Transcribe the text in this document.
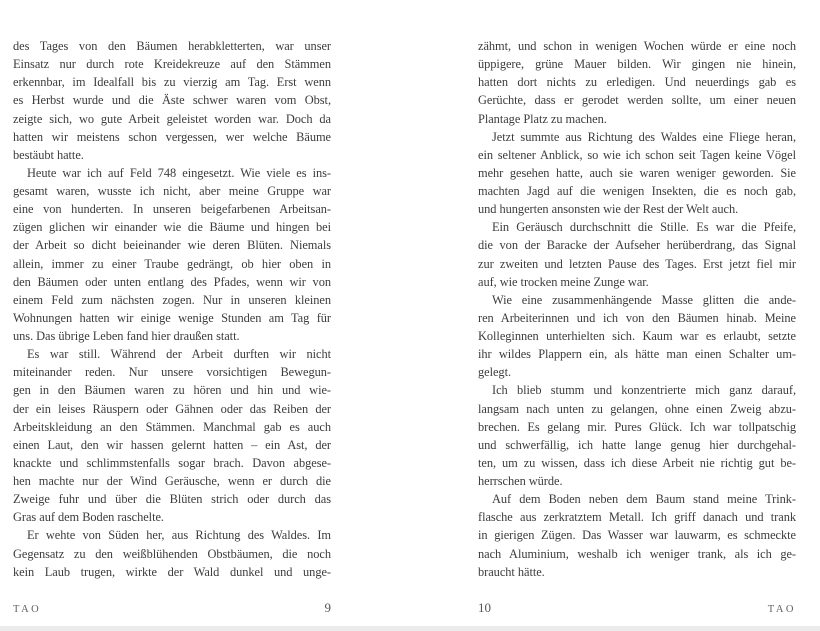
des Tages von den Bäumen herabkletterten, war unser
Einsatz nur durch rote Kreidekreuze auf den Stämmen
erkennbar, im Idealfall bis zu vierzig am Tag. Erst wenn
es Herbst wurde und die Äste schwer waren vom Obst,
zeigte sich, wo gute Arbeit geleistet worden war. Doch da
hatten wir meistens schon vergessen, wer welche Bäume
bestäubt hatte.
Heute war ich auf Feld 748 eingesetzt. Wie viele es ins-
gesamt waren, wusste ich nicht, aber meine Gruppe war
eine von hunderten. In unseren beigefarbenen Arbeitsan-
zügen glichen wir einander wie die Bäume und hingen bei
der Arbeit so dicht beieinander wie deren Blüten. Niemals
allein, immer zu einer Traube gedrängt, ob hier oben in
den Bäumen oder unten entlang des Pfades, wenn wir von
einem Feld zum nächsten zogen. Nur in unseren kleinen
Wohnungen hatten wir einige wenige Stunden am Tag für
uns. Das übrige Leben fand hier draußen statt.
Es war still. Während der Arbeit durften wir nicht
miteinander reden. Nur unsere vorsichtigen Bewegun-
gen in den Bäumen waren zu hören und hin und wie-
der ein leises Räuspern oder Gähnen oder das Reiben der
Arbeitskleidung an den Stämmen. Manchmal gab es auch
einen Laut, den wir hassen gelernt hatten – ein Ast, der
knackte und schlimmstenfalls sogar brach. Davon abgese-
hen machte nur der Wind Geräusche, wenn er durch die
Zweige fuhr und über die Blüten strich oder durch das
Gras auf dem Boden raschelte.
Er wehte von Süden her, aus Richtung des Waldes. Im
Gegensatz zu den weißblühenden Obstbäumen, die noch
kein Laub trugen, wirkte der Wald dunkel und unge-
TAO	9
zähmt, und schon in wenigen Wochen würde er eine noch
üppigere, grüne Mauer bilden. Wir gingen nie hinein,
hatten dort nichts zu erledigen. Und neuerdings gab es
Gerüchte, dass er gerodet werden sollte, um einer neuen
Plantage Platz zu machen.
Jetzt summte aus Richtung des Waldes eine Fliege heran,
ein seltener Anblick, so wie ich schon seit Tagen keine Vögel
mehr gesehen hatte, auch sie waren weniger geworden. Sie
machten Jagd auf die wenigen Insekten, die es noch gab,
und hungerten ansonsten wie der Rest der Welt auch.
Ein Geräusch durchschnitt die Stille. Es war die Pfeife,
die von der Baracke der Aufseher herüberdrang, das Signal
zur zweiten und letzten Pause des Tages. Erst jetzt fiel mir
auf, wie trocken meine Zunge war.
Wie eine zusammenhängende Masse glitten die ande-
ren Arbeiterinnen und ich von den Bäumen hinab. Meine
Kolleginnen unterhielten sich. Kaum war es erlaubt, setzte
ihr wildes Plappern ein, als hätte man einen Schalter um-
gelegt.
Ich blieb stumm und konzentrierte mich ganz darauf,
langsam nach unten zu gelangen, ohne einen Zweig abzu-
brechen. Es gelang mir. Pures Glück. Ich war tollpatschig
und schwerfällig, ich hatte lange genug hier durchgehal-
ten, um zu wissen, dass ich diese Arbeit nie richtig gut be-
herrschen würde.
Auf dem Boden neben dem Baum stand meine Trink-
flasche aus zerkratztem Metall. Ich griff danach und trank
in gierigen Zügen. Das Wasser war lauwarm, es schmeckte
nach Aluminium, weshalb ich weniger trank, als ich ge-
braucht hätte.
10	TAO
